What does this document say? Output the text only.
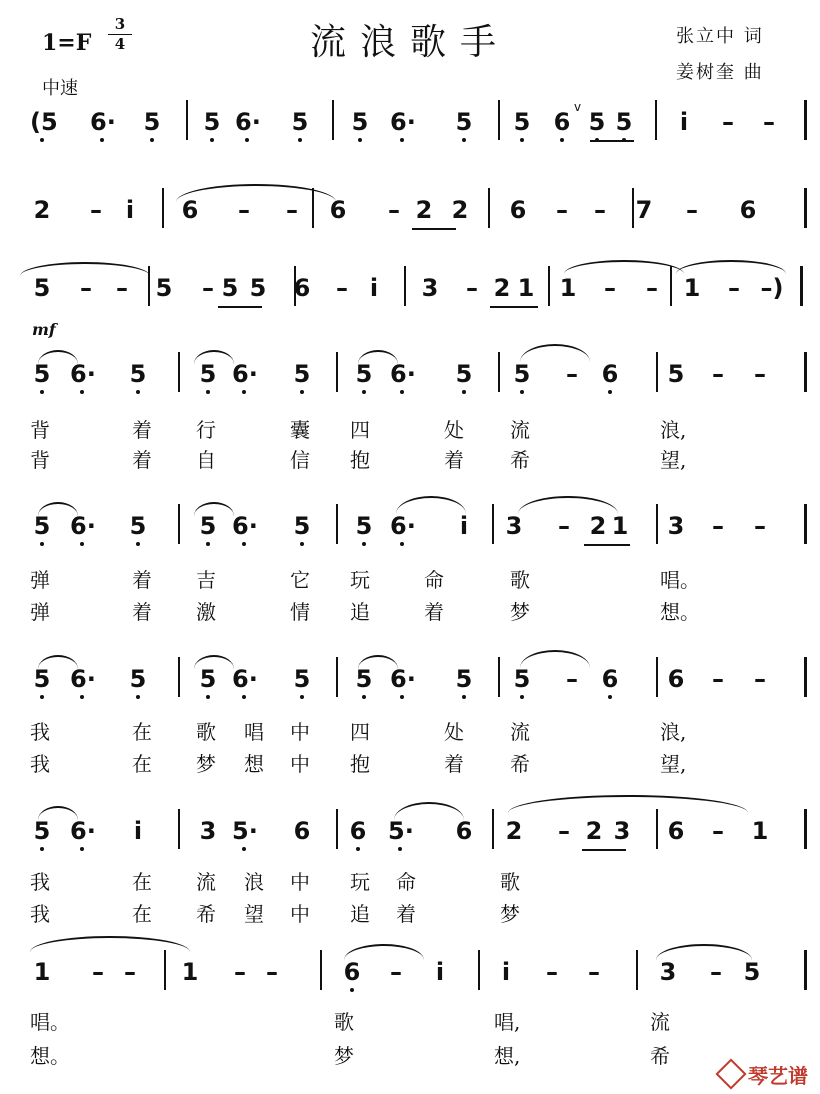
流浪歌手
1=F
3
4
中速
张立中 词
姜树奎 曲
mf
(5 6· 5 5 6· 5 5 6· 5 5 6 5 5	i	– –
2 – i	6 – – 6 – 2 2 6 – – 7 – 6
5 – – 5 – 5 5 6 – i	3 – 2 1 1 – – 1 – –)
5 6· 5 5 6· 5 5 6· 5 5 – 6 5 – –
5 6· 5 5 6· 5 5 6·	i	3 – 2 1 3 – –
5 6· 5 5 6· 5 5 6· 5 5 – 6 6 – –
5 6·	i	3 5· 6 6 5· 6 2 – 2 3 6 – 1
1 – – 1 – –	6 –	i	i	– – 3 – 5
v
背	着 行	囊 四	处 流	浪,
背	着 自	信 抱	着 希	望,
弹	着 吉	它 玩	命	歌	唱。
弹	着 激	情 追	着	梦	想。
我	在 歌 唱 中 四	处 流	浪,
我	在 梦 想 中 抱	着 希	望,
我	在 流 浪 中 玩 命	歌
我	在 希 望 中 追 着	梦
唱。	歌	唱,	流
想。	梦	想,	希
琴艺谱
